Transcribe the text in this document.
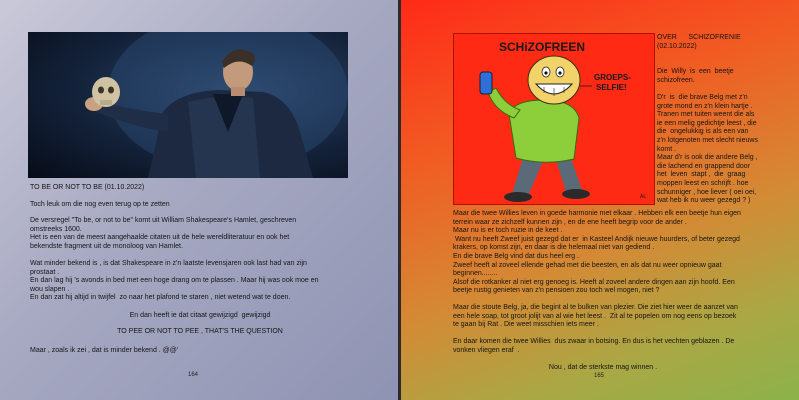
TO BE OR NOT TO BE (01.10.2022)
Toch leuk om die nog even terug op te zetten
De versregel "To be, or not to be" komt uit William Shakespeare's Hamlet, geschreven
omstreeks 1600.
Het is een van de meest aangehaalde citaten uit de hele wereldliteratuur en ook het
bekendste fragment uit de monoloog van Hamlet.
Wat minder bekend is , is dat Shakespeare in z'n laatste levensjaren ook last had van zijn
prostaat .
En dan lag hij 's avonds in bed met een hoge drang om te plassen . Maar hij was ook moe en
wou slapen .
En dan zat hij altijd in twijfel  zo naar het plafond te staren , niet wetend wat te doen.
En dan heeft ie dat citaat gewijzigd  gewijzigd
TO PEE OR NOT TO PEE , THAT'S THE QUESTION
Maar , zoals ik zei , dat is minder bekend . @@'
164
SCHiZOFREEN
GROEPS-
SELFIE!
AL
OVER      SCHIZOFRENIE
(02.10.2022)
Die  Willy  is  een  beetje
schizofreen.
D'r  is  die brave Belg met z'n
grote mond en z'n klein hartje .
Tranen met tuiten weent die als
ie een melig gedichtje leest , die
die  ongelukkig is als een van
z'n lotgenoten met slecht nieuws
komt .
Maar d'r is ook die andere Belg ,
die lachend en grappend door
het  leven  stapt ,  die  graag
moppen leest en schrijft . hoe
schunniger , hoe liever ( oei oei,
wat heb ik nu weer gezegd ? )
Maar die twee Willies leven in goede harmonie met elkaar . Hebben elk een beetje hun eigen
terrein waar ze zichzelf kunnen zijn , en de ene heeft begrip voor de ander .
Maar nu is er toch ruzie in de keet .
Want nu heeft Zweef juist gezegd dat er  in Kasteel Andijk nieuwe huurders, of beter gezegd
krakers, op komst zijn, en daar is die helemaal niet van gediend .
En die brave Belg vind dat dus heel erg .
Zweef heeft al zoveel ellende gehad met die beesten, en als dat nu weer opnieuw gaat
beginnen........
Alsof die rotkanker al niet erg genoeg is. Heeft al zoveel andere dingen aan zijn hoofd. Een
beetje rustig genieten van z'n pensioen zou toch wel mogen, niet ?
Maar die stoute Belg, ja, die begint al te bulken van plezier. Die ziet hier weer de aanzet van
een hele soap, tot groot jolijt van al wie het leest .  Zit al te popelen om nog eens op bezoek
te gaan bij Rat . Die weet misschien iets meer .
En daar komen die twee Willies  dus zwaar in botsing. En dus is het vechten geblazen . De
vonken vliegen eraf  .
Nou , dat de sterkste mag winnen .
165
